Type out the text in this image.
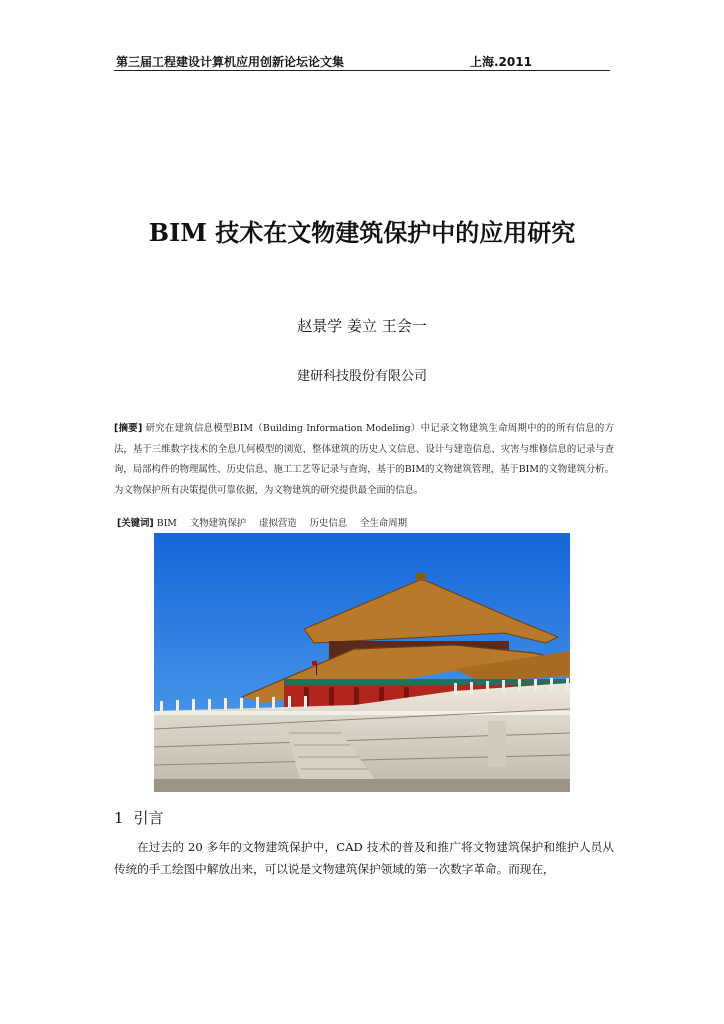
第三届工程建设计算机应用创新论坛论文集	上海.2011
BIM 技术在文物建筑保护中的应用研究
赵景学 姜立 王会一
建研科技股份有限公司
[摘要] 研究在建筑信息模型BIM（Building Information Modeling）中记录文物建筑生命周期中的的所有信息的方法，基于三维数字技术的全息几何模型的浏览，整体建筑的历史人文信息、设计与建造信息、灾害与维修信息的记录与查询，局部构件的物理属性、历史信息、施工工艺等记录与查询，基于的BIM的文物建筑管理，基于BIM的文物建筑分析。为文物保护所有决策提供可靠依据，为文物建筑的研究提供最全面的信息。
[关键词] BIM 文物建筑保护 虚拟营造 历史信息 全生命周期
1 引言
在过去的 20 多年的文物建筑保护中，CAD 技术的普及和推广将文物建筑保护和维护人员从传统的手工绘图中解放出来，可以说是文物建筑保护领域的第一次数字革命。而现在，
